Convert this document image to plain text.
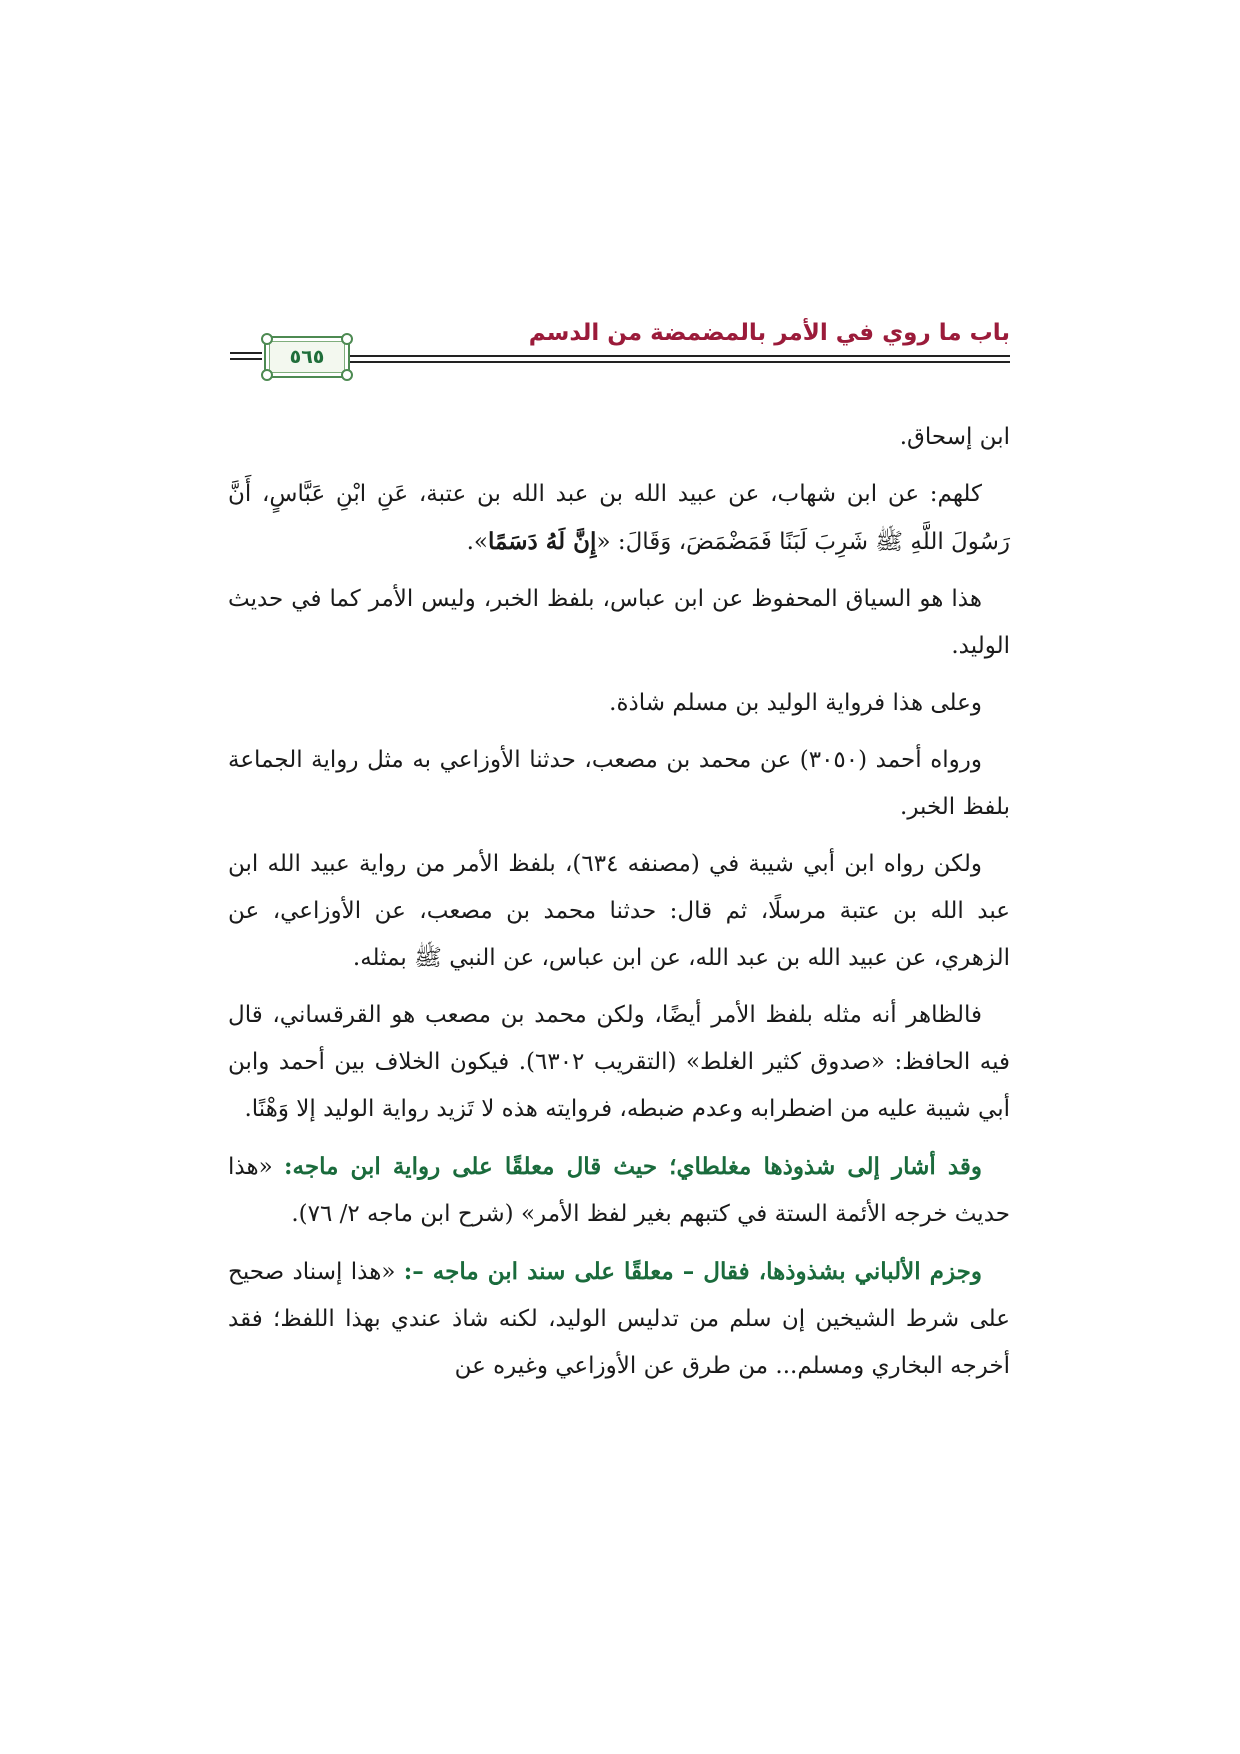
باب ما روي في الأمر بالمضمضة من الدسم
٥٦٥

ابن إسحاق.

كلهم: عن ابن شهاب، عن عبيد الله بن عبد الله بن عتبة، عَنِ ابْنِ عَبَّاسٍ، أَنَّ رَسُولَ اللَّهِ ﷺ شَرِبَ لَبَنًا فَمَضْمَضَ، وَقَالَ: «إِنَّ لَهُ دَسَمًا».

هذا هو السياق المحفوظ عن ابن عباس، بلفظ الخبر، وليس الأمر كما في حديث الوليد.

وعلى هذا فرواية الوليد بن مسلم شاذة.

ورواه أحمد (٣٠٥٠) عن محمد بن مصعب، حدثنا الأوزاعي به مثل رواية الجماعة بلفظ الخبر.

ولكن رواه ابن أبي شيبة في (مصنفه ٦٣٤)، بلفظ الأمر من رواية عبيد الله ابن عبد الله بن عتبة مرسلًا، ثم قال: حدثنا محمد بن مصعب، عن الأوزاعي، عن الزهري، عن عبيد الله بن عبد الله، عن ابن عباس، عن النبي ﷺ بمثله.

فالظاهر أنه مثله بلفظ الأمر أيضًا، ولكن محمد بن مصعب هو القرقساني، قال فيه الحافظ: «صدوق كثير الغلط» (التقريب ٦٣٠٢). فيكون الخلاف بين أحمد وابن أبي شيبة عليه من اضطرابه وعدم ضبطه، فروايته هذه لا تَزيد رواية الوليد إلا وَهْنًا.

وقد أشار إلى شذوذها مغلطاي؛ حيث قال معلقًا على رواية ابن ماجه: «هذا حديث خرجه الأئمة الستة في كتبهم بغير لفظ الأمر» (شرح ابن ماجه ٢/ ٧٦).

وجزم الألباني بشذوذها، فقال – معلقًا على سند ابن ماجه –: «هذا إسناد صحيح على شرط الشيخين إن سلم من تدليس الوليد، لكنه شاذ عندي بهذا اللفظ؛ فقد أخرجه البخاري ومسلم... من طرق عن الأوزاعي وغيره عن
